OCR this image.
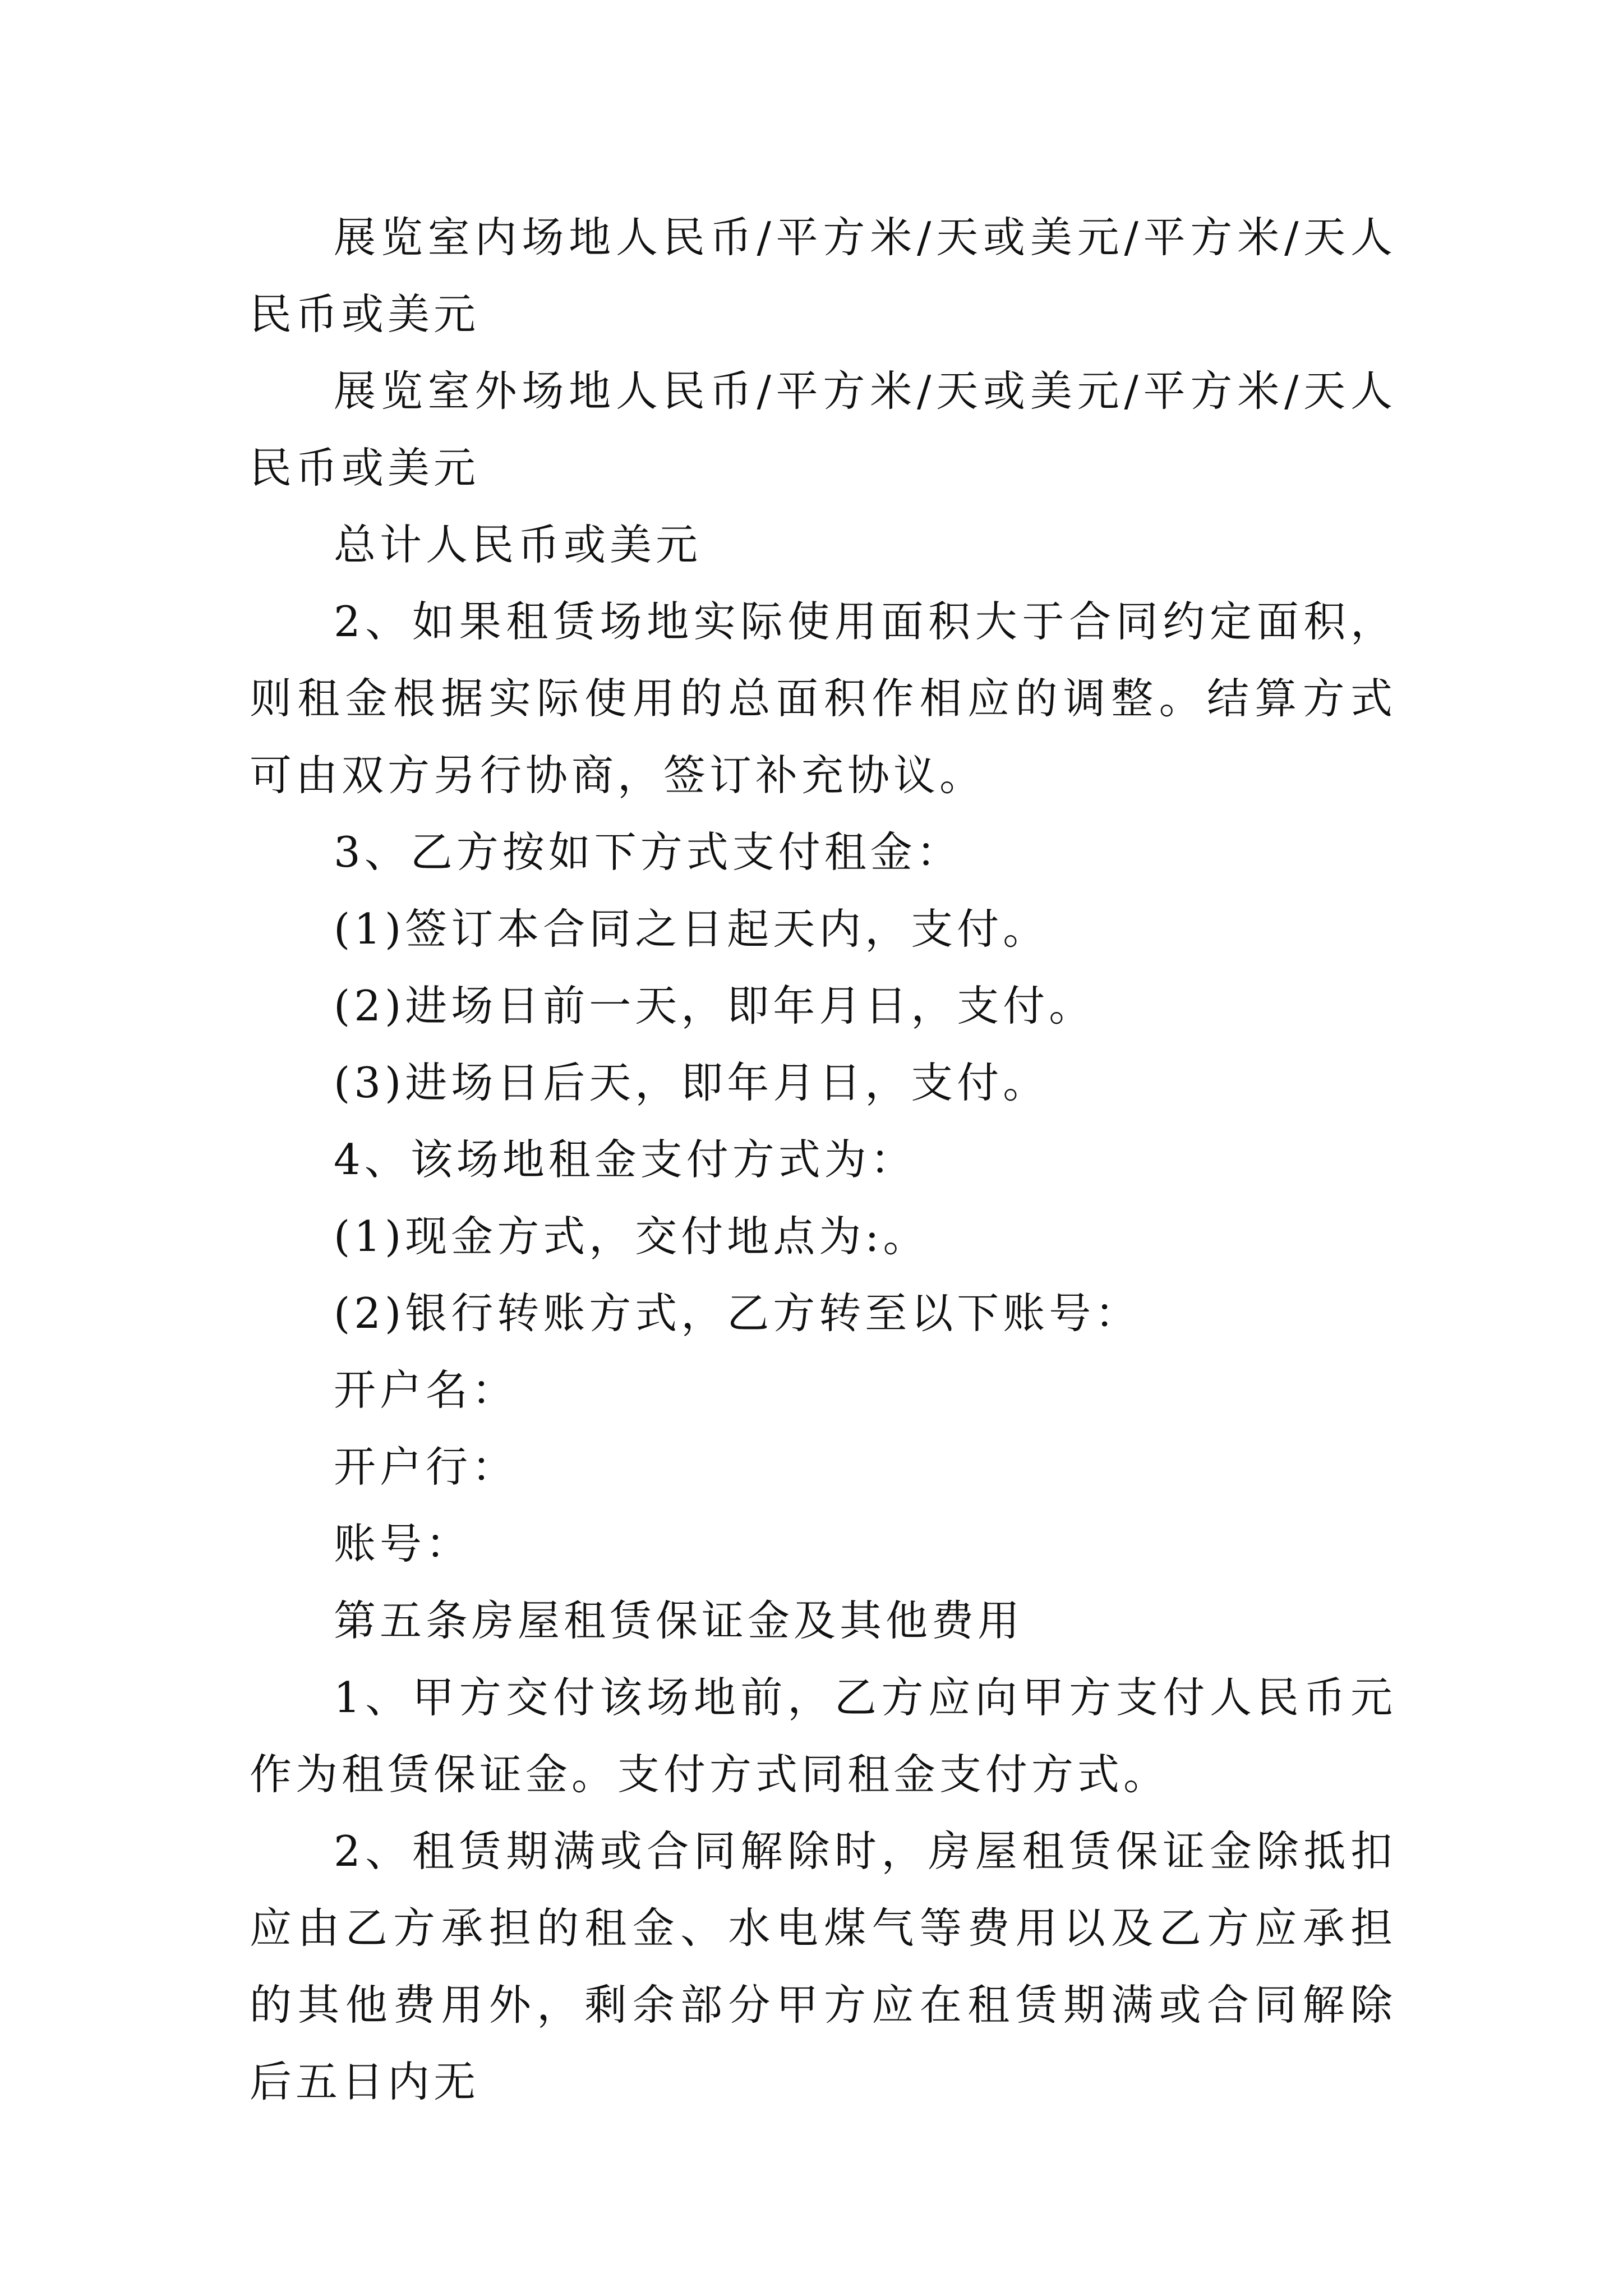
展览室内场地人民币/平方米/天或美元/平方米/天人民币或美元

展览室外场地人民币/平方米/天或美元/平方米/天人民币或美元

总计人民币或美元

2、如果租赁场地实际使用面积大于合同约定面积，则租金根据实际使用的总面积作相应的调整。结算方式可由双方另行协商，签订补充协议。

3、乙方按如下方式支付租金：

(1)签订本合同之日起天内，支付。

(2)进场日前一天，即年月日，支付。

(3)进场日后天，即年月日，支付。

4、该场地租金支付方式为：

(1)现金方式，交付地点为:。

(2)银行转账方式，乙方转至以下账号：

开户名：

开户行：

账号：

第五条房屋租赁保证金及其他费用

1、甲方交付该场地前，乙方应向甲方支付人民币元作为租赁保证金。支付方式同租金支付方式。

2、租赁期满或合同解除时，房屋租赁保证金除抵扣应由乙方承担的租金、水电煤气等费用以及乙方应承担的其他费用外，剩余部分甲方应在租赁期满或合同解除后五日内无
